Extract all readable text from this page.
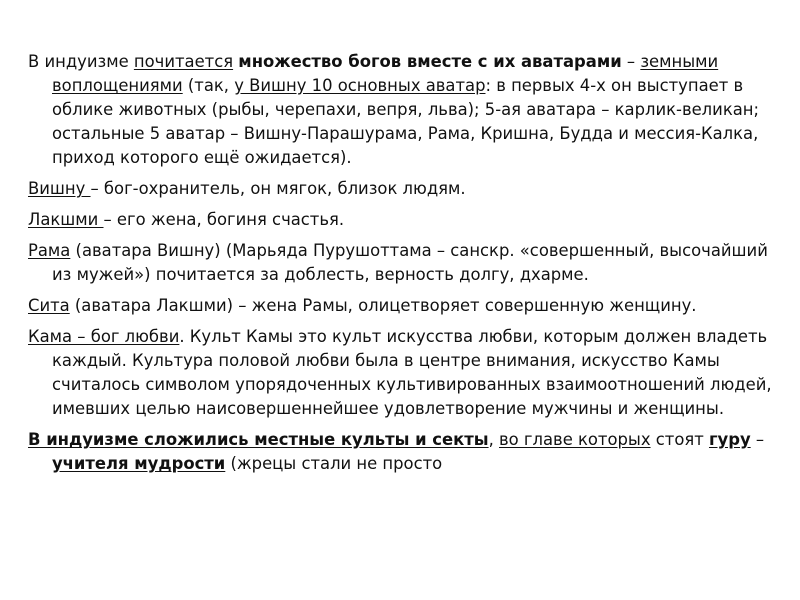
В индуизме почитается множество богов вместе с их аватарами – земными воплощениями (так, у Вишну 10 основных аватар: в первых 4-х он выступает в облике животных (рыбы, черепахи, вепря, льва); 5-ая аватара – карлик-великан; остальные 5 аватар – Вишну-Парашурама, Рама, Кришна, Будда и мессия-Калка, приход которого ещё ожидается).
Вишну – бог-охранитель, он мягок, близок людям.
Лакшми – его жена, богиня счастья.
Рама (аватара Вишну) (Марьяда Пурушоттама – санскр. «совершенный, высочайший из мужей») почитается за доблесть, верность долгу, дхарме.
Сита (аватара Лакшми) – жена Рамы, олицетворяет совершенную женщину.
Кама – бог любви. Культ Камы это культ искусства любви, которым должен владеть каждый. Культура половой любви была в центре внимания, искусство Камы считалось символом упорядоченных культивированных взаимоотношений людей, имевших целью наисовершеннейшее удовлетворение мужчины и женщины.
В индуизме сложились местные культы и секты, во главе которых стоят гуру – учителя мудрости (жрецы стали не просто
